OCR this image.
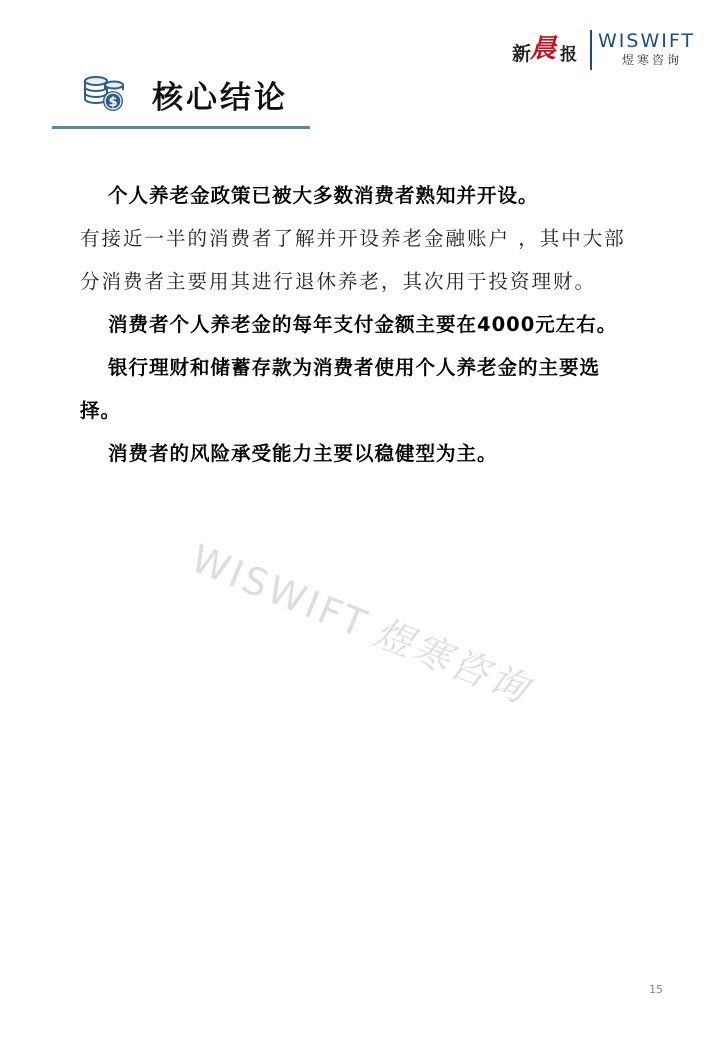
新
晨 报
WISWIFT
煜寒咨询
$ 核心结论

个人养老金政策已被大多数消费者熟知并开设。

有接近一半的消费者了解并开设养老金融账户 ，其中大部分消费者主要用其进行退休养老，其次用于投资理财。

消费者个人养老金的每年支付金额主要在4000元左右。

银行理财和储蓄存款为消费者使用个人养老金的主要选择。

消费者的风险承受能力主要以稳健型为主。

WISWIFT煜寒咨询
15
